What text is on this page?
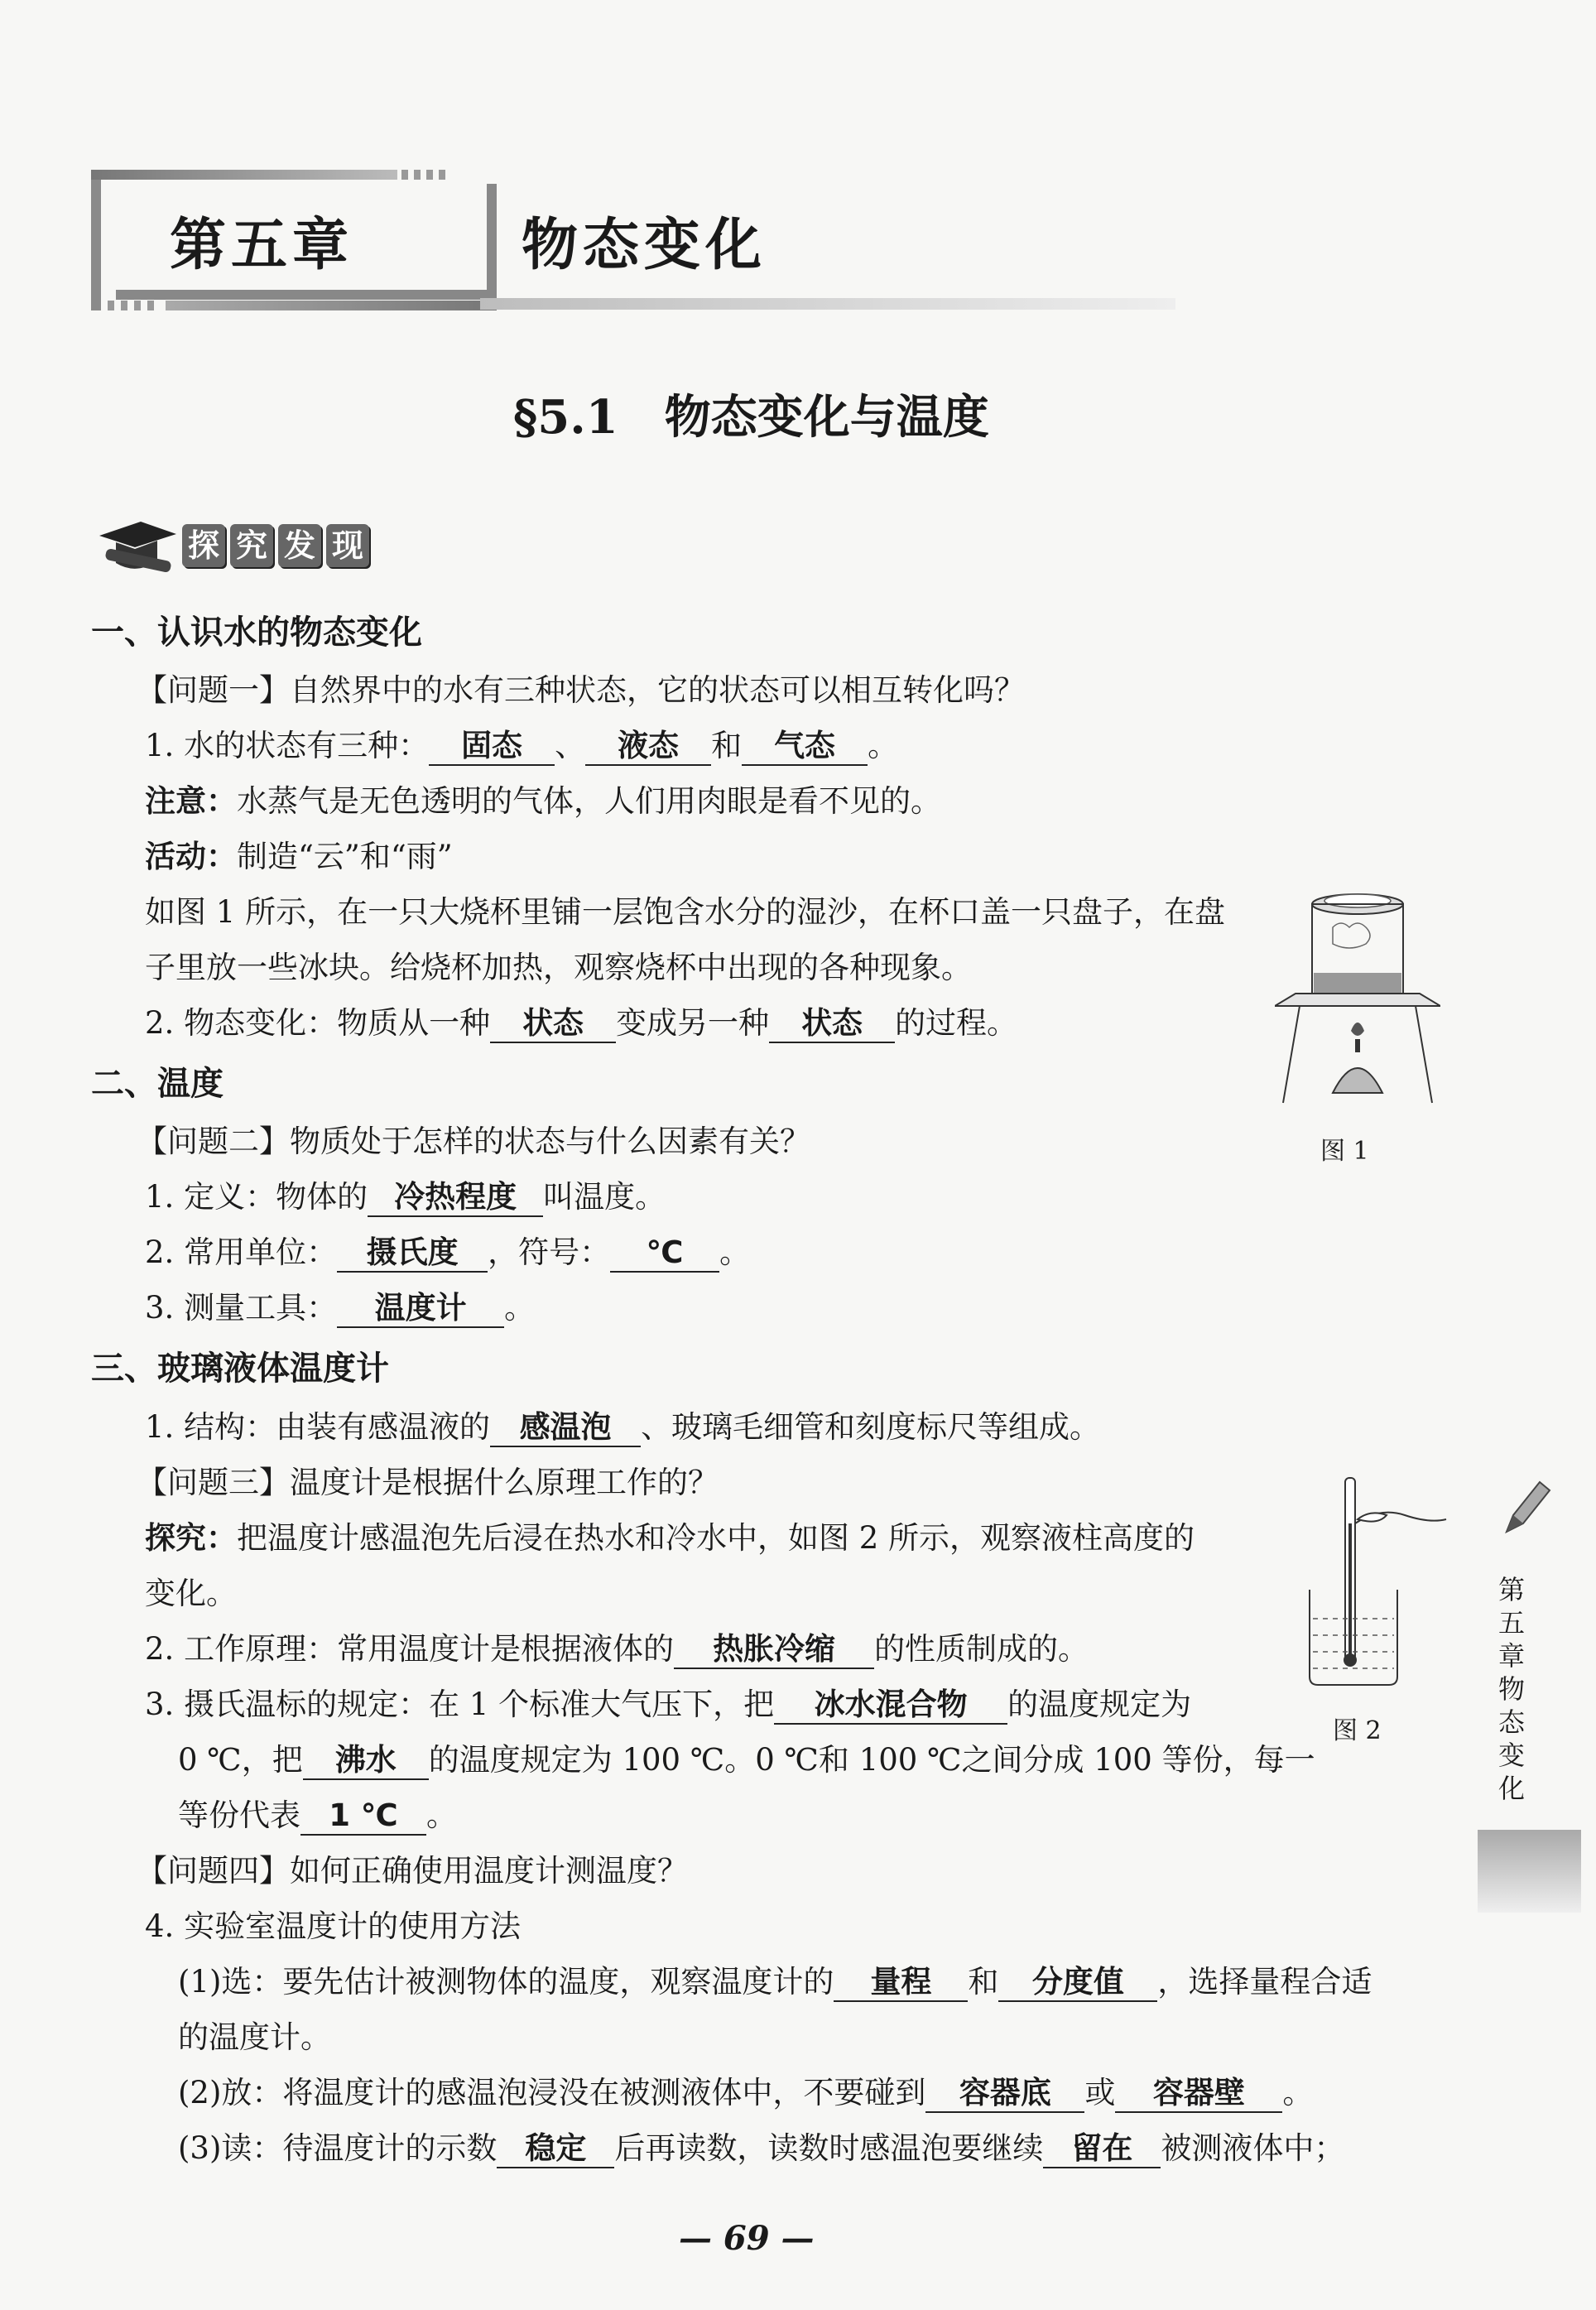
第五章	物态变化
§5.1　物态变化与温度
探 究 发 现
一、认识水的物态变化
【问题一】自然界中的水有三种状态，它的状态可以相互转化吗？
1. 水的状态有三种： 固态 、 液态 和 气态 。
注意：水蒸气是无色透明的气体，人们用肉眼是看不见的。
活动：制造“云”和“雨”
如图 1 所示，在一只大烧杯里铺一层饱含水分的湿沙，在杯口盖一只盘子，在盘
子里放一些冰块。给烧杯加热，观察烧杯中出现的各种现象。
2. 物态变化：物质从一种 状态 变成另一种 状态 的过程。
二、温度
【问题二】物质处于怎样的状态与什么因素有关？
1. 定义：物体的 冷热程度 叫温度。
2. 常用单位： 摄氏度 ，符号： ℃ 。
3. 测量工具： 温度计 。
三、玻璃液体温度计
1. 结构：由装有感温液的 感温泡 、玻璃毛细管和刻度标尺等组成。
【问题三】温度计是根据什么原理工作的？
探究：把温度计感温泡先后浸在热水和冷水中，如图 2 所示，观察液柱高度的
变化。
2. 工作原理：常用温度计是根据液体的 热胀冷缩 的性质制成的。
3. 摄氏温标的规定：在 1 个标准大气压下，把 冰水混合物 的温度规定为
0 ℃，把 沸水 的温度规定为 100 ℃。0 ℃和 100 ℃之间分成 100 等份，每一
等份代表 1 ℃ 。
【问题四】如何正确使用温度计测温度？
4. 实验室温度计的使用方法
(1)选：要先估计被测物体的温度，观察温度计的 量程 和 分度值 ，选择量程合适
的温度计。
(2)放：将温度计的感温泡浸没在被测液体中，不要碰到 容器底 或 容器壁 。
(3)读：待温度计的示数 稳定 后再读数，读数时感温泡要继续 留在 被测液体中；
图 1
图 2
第五章 物态变化
— 69 —
